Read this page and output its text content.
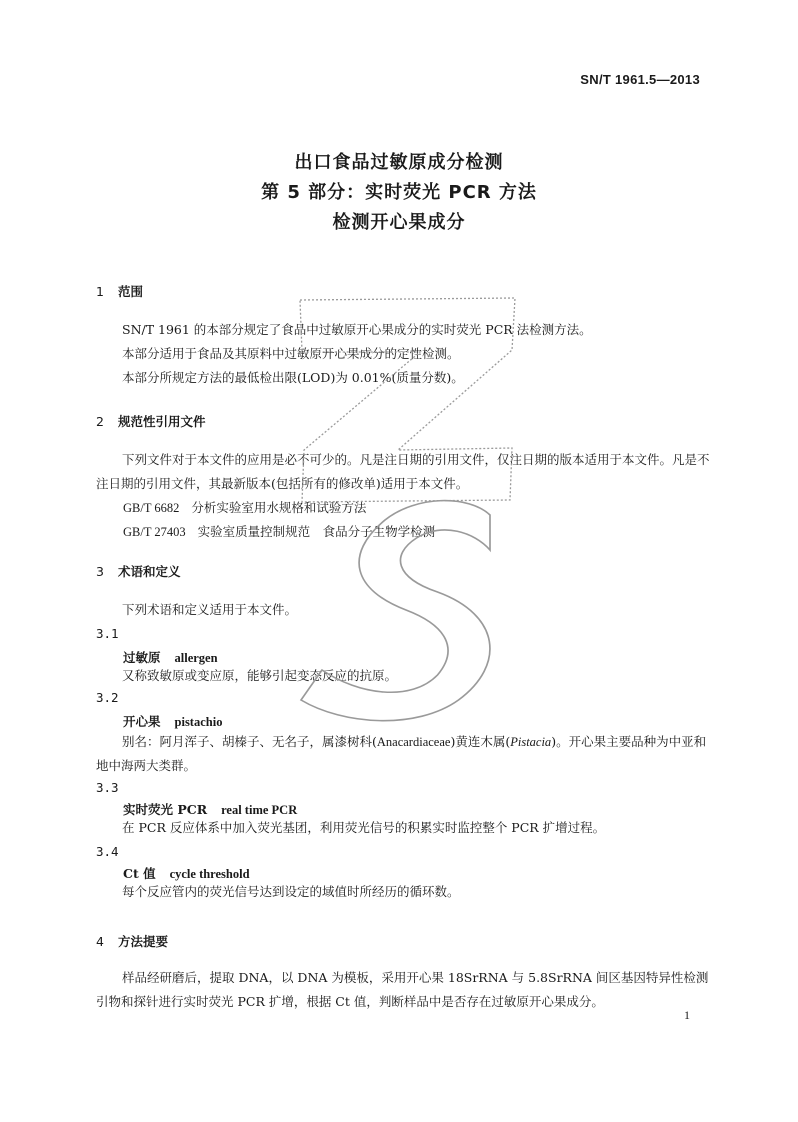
SN/T 1961.5—2013
出口食品过敏原成分检测
第 5 部分：实时荧光 PCR 方法
检测开心果成分
1 范围
SN/T 1961 的本部分规定了食品中过敏原开心果成分的实时荧光 PCR 法检测方法。
本部分适用于食品及其原料中过敏原开心果成分的定性检测。
本部分所规定方法的最低检出限(LOD)为 0.01%(质量分数)。
2 规范性引用文件
下列文件对于本文件的应用是必不可少的。凡是注日期的引用文件，仅注日期的版本适用于本文件。凡是不注日期的引用文件，其最新版本(包括所有的修改单)适用于本文件。
GB/T 6682 分析实验室用水规格和试验方法
GB/T 27403 实验室质量控制规范　食品分子生物学检测
3 术语和定义
下列术语和定义适用于本文件。
3.1
过敏原 allergen
又称致敏原或变应原，能够引起变态反应的抗原。
3.2
开心果 pistachio
别名：阿月浑子、胡榛子、无名子，属漆树科(Anacardiaceae)黄连木属(Pistacia)。开心果主要品种为中亚和地中海两大类群。
3.3
实时荧光 PCR real time PCR
在 PCR 反应体系中加入荧光基团，利用荧光信号的积累实时监控整个 PCR 扩增过程。
3.4
Ct 值 cycle threshold
每个反应管内的荧光信号达到设定的域值时所经历的循环数。
4 方法提要
样品经研磨后，提取 DNA，以 DNA 为模板，采用开心果 18SrRNA 与 5.8SrRNA 间区基因特异性检测引物和探针进行实时荧光 PCR 扩增，根据 Ct 值，判断样品中是否存在过敏原开心果成分。
1
